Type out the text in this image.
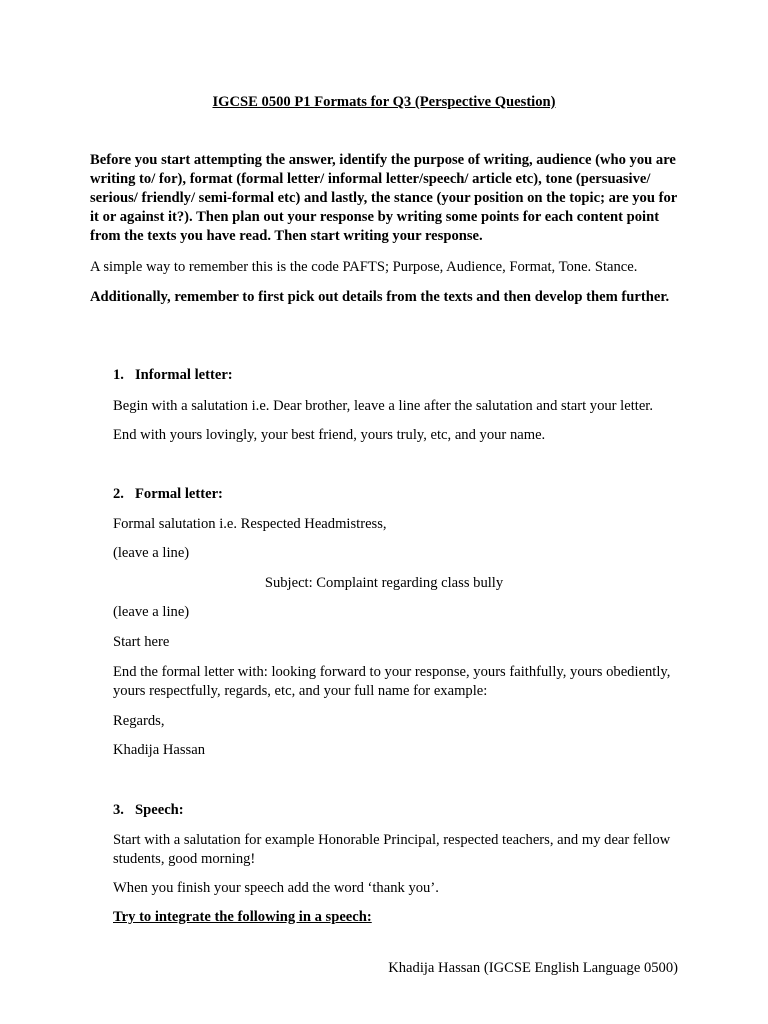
IGCSE 0500 P1 Formats for Q3 (Perspective Question)

Before you start attempting the answer, identify the purpose of writing, audience (who you are writing to/ for), format (formal letter/ informal letter/speech/ article etc), tone (persuasive/ serious/ friendly/ semi-formal etc) and lastly, the stance (your position on the topic; are you for it or against it?). Then plan out your response by writing some points for each content point from the texts you have read. Then start writing your response.

A simple way to remember this is the code PAFTS; Purpose, Audience, Format, Tone. Stance.

Additionally, remember to first pick out details from the texts and then develop them further.

1. Informal letter:

Begin with a salutation i.e. Dear brother, leave a line after the salutation and start your letter.

End with yours lovingly, your best friend, yours truly, etc, and your name.

2. Formal letter:

Formal salutation i.e. Respected Headmistress,

(leave a line)

Subject: Complaint regarding class bully

(leave a line)

Start here

End the formal letter with: looking forward to your response, yours faithfully, yours obediently, yours respectfully, regards, etc, and your full name for example:

Regards,

Khadija Hassan

3. Speech:

Start with a salutation for example Honorable Principal, respected teachers, and my dear fellow students, good morning!

When you finish your speech add the word ‘thank you’.

Try to integrate the following in a speech:

Khadija Hassan (IGCSE English Language 0500)
